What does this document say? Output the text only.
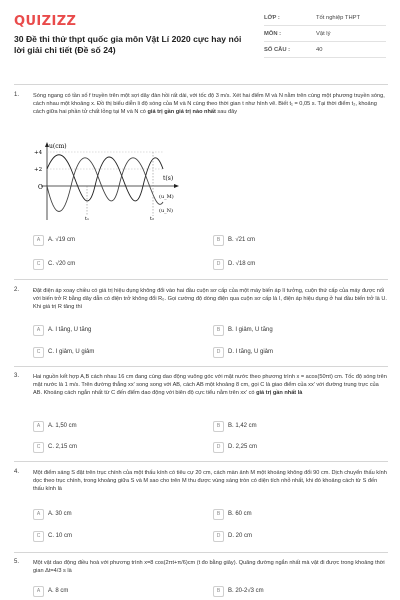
QUIZIZZ
30 Đề thi thử thpt quốc gia môn Vật Lí 2020 cực hay nói lời giải chi tiết (Đề số 24)
LỚP :	Tốt nghiệp THPT
MÔN :	Vật lý
SỐ CÂU :	40
1. Sóng ngang có tần số f truyền trên một sợi dây đàn hồi rất dài, với tốc độ 3 m/s. Xét hai điểm M và N nằm trên cùng một phương truyền sóng, cách nhau một khoảng x. Đồ thị biểu diễn li độ sóng của M và N cùng theo thời gian t như hình vẽ. Biết t₁ = 0,05 s. Tại thời điểm t₂, khoảng cách giữa hai phần tử chất lỏng tại M và N có giá trị gần giá trị nào nhất sau đây
u(cm)
t(s)
+4
+2
O
t₁	t₂
(u_M)
(u_N)
A	A. √19 cm	B	B. √21 cm
C	C. √20 cm	D	D. √18 cm
2. Đặt điện áp xoay chiều có giá trị hiệu dụng không đổi vào hai đầu cuộn sơ cấp của một máy biến áp lí tưởng, cuộn thứ cấp của máy được nối với biến trở R bằng dây dẫn có điện trở không đổi R₀. Gọi cường độ dòng điện qua cuộn sơ cấp là I, điện áp hiệu dụng ở hai đầu biến trở là U. Khi giá trị R tăng thì
A	A. I tăng, U tăng	B	B. I giảm, U tăng
C	C. I giảm, U giảm	D	D. I tăng, U giảm
3. Hai nguồn kết hợp A,B cách nhau 16 cm đang cùng dao động vuông góc với mặt nước theo phương trình x = acos(50πt) cm. Tốc độ sóng trên mặt nước là 1 m/s. Trên đường thẳng xx' song song với AB, cách AB một khoảng 8 cm, gọi C là giao điểm của xx' với đường trung trực của AB. Khoảng cách ngắn nhất từ C đến điểm dao động với biên độ cực tiểu nằm trên xx' có giá trị gần nhất là
A	A. 1,50 cm	B	B. 1,42 cm
C	C. 2,15 cm	D	D. 2,25 cm
4. Một điểm sáng S đặt trên trục chính của một thấu kính có tiêu cự 20 cm, cách màn ảnh M một khoảng không đổi 90 cm. Dịch chuyển thấu kính dọc theo trục chính, trong khoảng giữa S và M sao cho trên M thu được vùng sáng tròn có diện tích nhỏ nhất, khi đó khoảng cách từ S đến thấu kính là
A	A. 30 cm	B	B. 60 cm
C	C. 10 cm	D	D. 20 cm
5. Một vật dao động điều hoà với phương trình x=8 cos(2πt+π/6)cm (t đo bằng giây). Quãng đường ngắn nhất mà vật đi được trong khoảng thời gian Δt=4/3 s là
A	A. 8 cm	B	B. 20-2√3 cm
